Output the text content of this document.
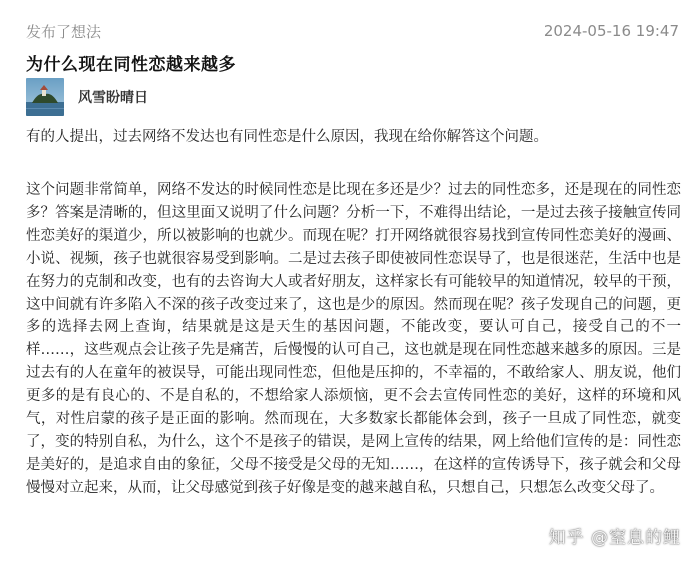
发布了想法	2024-05-16 19:47
为什么现在同性恋越来越多
风雪盼晴日

有的人提出，过去网络不发达也有同性恋是什么原因，我现在给你解答这个问题。

这个问题非常简单，网络不发达的时候同性恋是比现在多还是少？过去的同性恋多，还是现在的同性恋多？答案是清晰的，但这里面又说明了什么问题？分析一下，不难得出结论，一是过去孩子接触宣传同性恋美好的渠道少，所以被影响的也就少。而现在呢？打开网络就很容易找到宣传同性恋美好的漫画、小说、视频，孩子也就很容易受到影响。二是过去孩子即使被同性恋误导了，也是很迷茫，生活中也是在努力的克制和改变，也有的去咨询大人或者好朋友，这样家长有可能较早的知道情况，较早的干预，这中间就有许多陷入不深的孩子改变过来了，这也是少的原因。然而现在呢？孩子发现自己的问题，更多的选择去网上查询，结果就是这是天生的基因问题，不能改变，要认可自己，接受自己的不一样……，这些观点会让孩子先是痛苦，后慢慢的认可自己，这也就是现在同性恋越来越多的原因。三是过去有的人在童年的被误导，可能出现同性恋，但他是压抑的，不幸福的，不敢给家人、朋友说，他们更多的是有良心的、不是自私的，不想给家人添烦恼，更不会去宣传同性恋的美好，这样的环境和风气，对性启蒙的孩子是正面的影响。然而现在，大多数家长都能体会到，孩子一旦成了同性恋，就变了，变的特别自私，为什么，这个不是孩子的错误，是网上宣传的结果，网上给他们宣传的是：同性恋是美好的，是追求自由的象征，父母不接受是父母的无知……，在这样的宣传诱导下，孩子就会和父母慢慢对立起来，从而，让父母感觉到孩子好像是变的越来越自私，只想自己，只想怎么改变父母了。

知乎 @窒息的鲤
